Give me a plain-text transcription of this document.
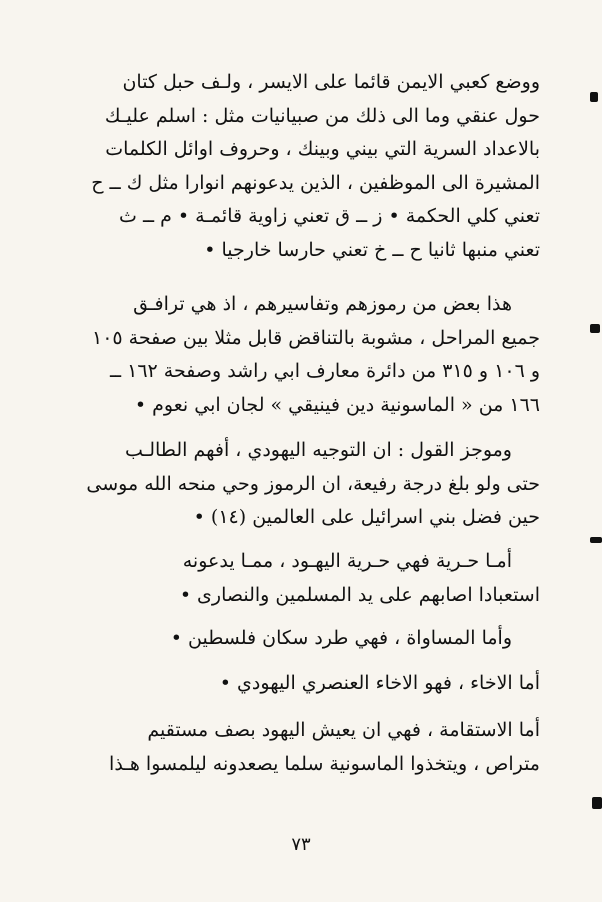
ووضع كعبي الايمن قائما على الايسر ، ولـف حبل كتان
حول عنقي وما الى ذلك من صبيانيات مثل : اسلم عليـك
بالاعداد السرية التي بيني وبينك ، وحروف اوائل الكلمات
المشيرة الى الموظفين ، الذين يدعونهم انوارا مثل ك ــ ح
تعني كلي الحكمة • ز ــ ق تعني زاوية قائمـة • م ــ ث
تعني منبها ثانيا ح ــ خ تعني حارسا خارجيا •
هذا بعض من رموزهم وتفاسيرهم ، اذ هي ترافـق
جميع المراحل ، مشوبة بالتناقض قابل مثلا بين صفحة ١٠٥
و ١٠٦ و ٣١٥ من دائرة معارف ابي راشد وصفحة ١٦٢ ــ
١٦٦ من « الماسونية دين فينيقي » لجان ابي نعوم •
وموجز القول : ان التوجيه اليهودي ، أفهم الطالـب
حتى ولو بلغ درجة رفيعة، ان الرموز وحي منحه الله موسى
حين فضل بني اسرائيل على العالمين (١٤) •
أمـا حـرية فهي حـرية اليهـود ، ممـا يدعونه
استعبادا اصابهم على يد المسلمين والنصارى •
وأما المساواة ، فهي طرد سكان فلسطين •
أما الاخاء ، فهو الاخاء العنصري اليهودي •
أما الاستقامة ، فهي ان يعيش اليهود بصف مستقيم
متراص ، ويتخذوا الماسونية سلما يصعدونه ليلمسوا هـذا
٧٣
